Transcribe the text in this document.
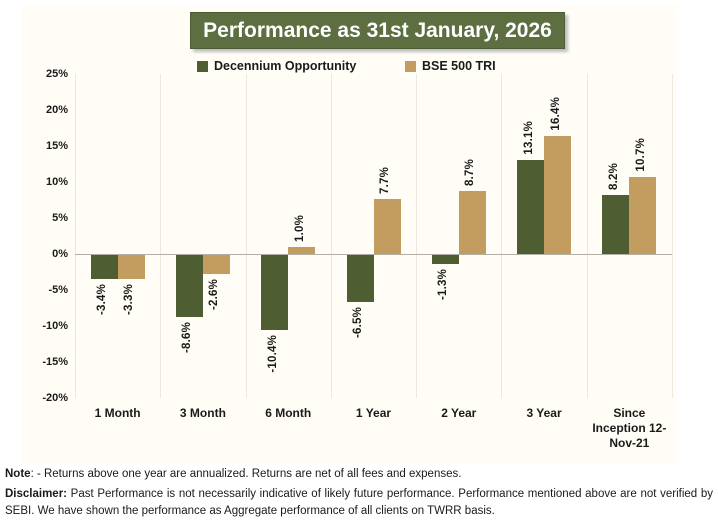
Performance as 31st January, 2026
Decennium Opportunity	BSE 500 TRI
25%
20%
15%
10%
5%
0%
-5%
-10%
-15%
-20%
-3.4%
-8.6%	-10.4%
-6.5%
-1.3%
13.1%
8.2%
-3.3%	-2.6%
1.0%
7.7%	8.7%
16.4%
10.7%
1 Month	3 Month	6 Month	1 Year	2 Year	3 Year	Since Inception 12-Nov-21

Note: - Returns above one year are annualized. Returns are net of all fees and expenses.

Disclaimer: Past Performance is not necessarily indicative of likely future performance. Performance mentioned above are not verified by SEBI. We have shown the performance as Aggregate performance of all clients on TWRR basis.
